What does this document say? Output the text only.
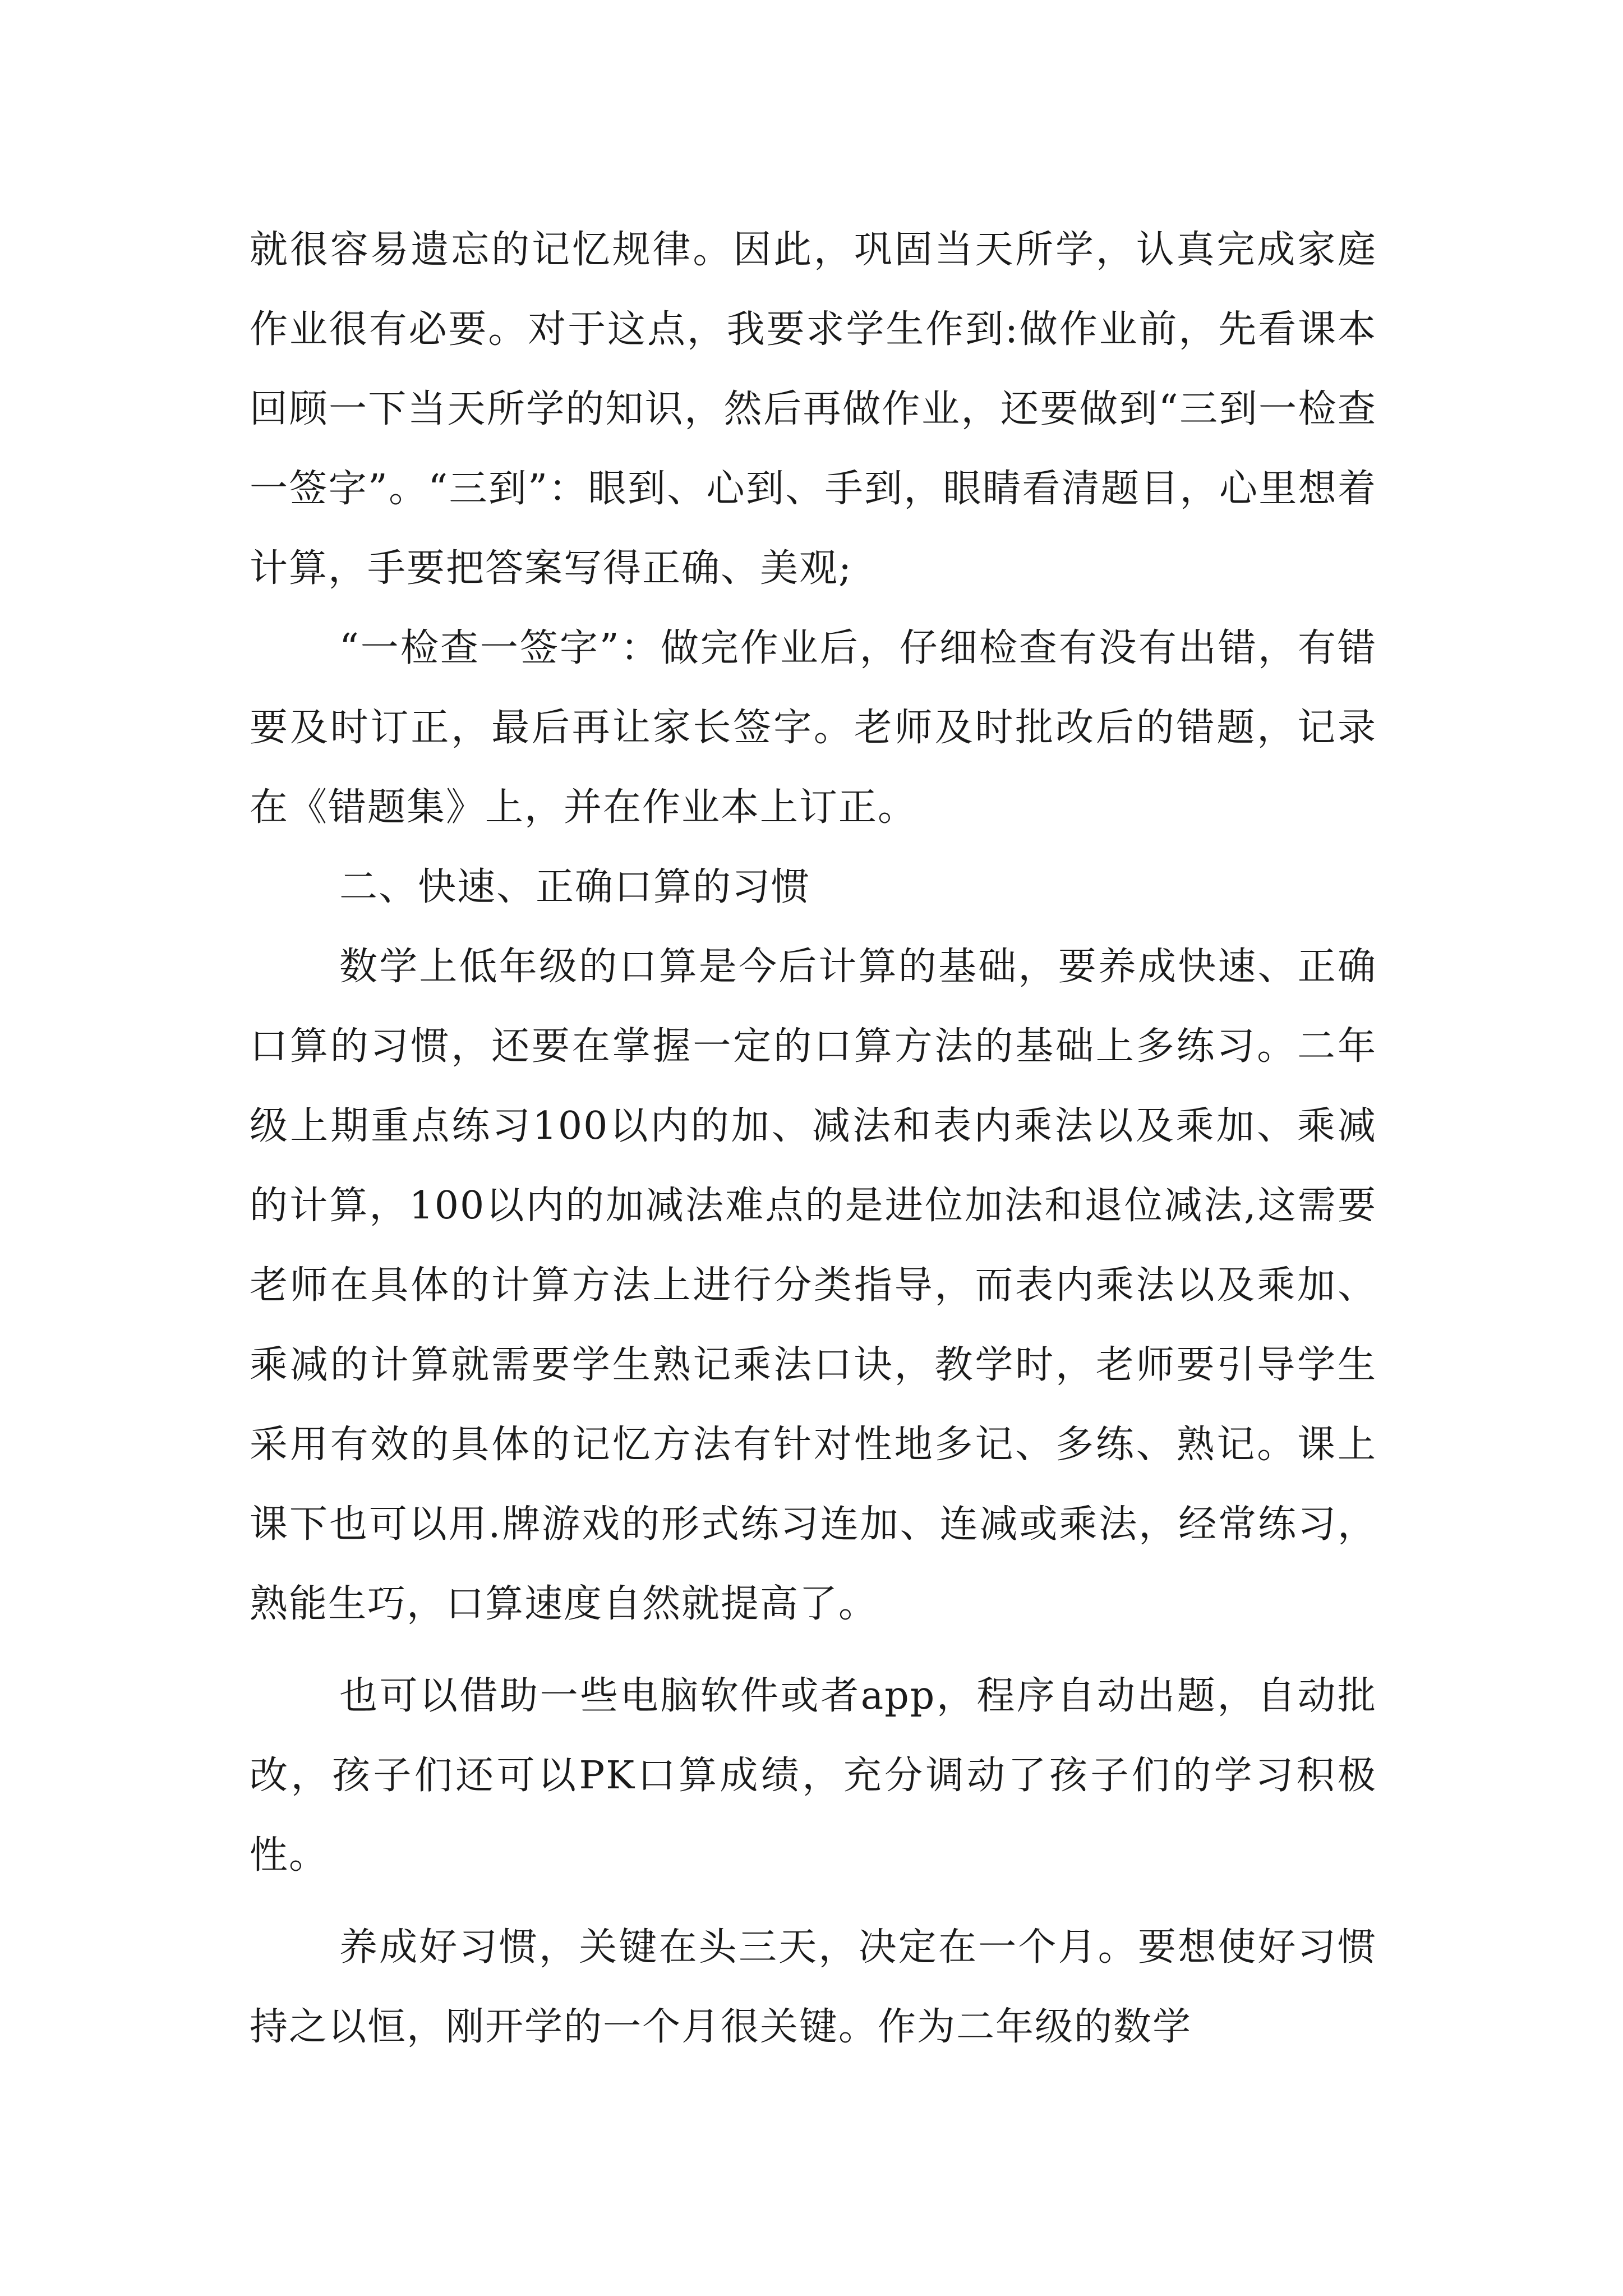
就很容易遗忘的记忆规律。因此，巩固当天所学，认真完成家庭作业很有必要。对于这点，我要求学生作到:做作业前，先看课本回顾一下当天所学的知识，然后再做作业，还要做到“三到一检查一签字”。“三到”：眼到、心到、手到，眼睛看清题目，心里想着计算，手要把答案写得正确、美观;

“一检查一签字”：做完作业后，仔细检查有没有出错，有错要及时订正，最后再让家长签字。老师及时批改后的错题，记录在《错题集》上，并在作业本上订正。

二、快速、正确口算的习惯

数学上低年级的口算是今后计算的基础，要养成快速、正确口算的习惯，还要在掌握一定的口算方法的基础上多练习。二年级上期重点练习100以内的加、减法和表内乘法以及乘加、乘减的计算，100以内的加减法难点的是进位加法和退位减法,这需要老师在具体的计算方法上进行分类指导，而表内乘法以及乘加、乘减的计算就需要学生熟记乘法口诀，教学时，老师要引导学生采用有效的具体的记忆方法有针对性地多记、多练、熟记。课上课下也可以用.牌游戏的形式练习连加、连减或乘法，经常练习，熟能生巧，口算速度自然就提高了。

也可以借助一些电脑软件或者app，程序自动出题，自动批改，孩子们还可以PK口算成绩，充分调动了孩子们的学习积极性。

养成好习惯，关键在头三天，决定在一个月。要想使好习惯持之以恒，刚开学的一个月很关键。作为二年级的数学
